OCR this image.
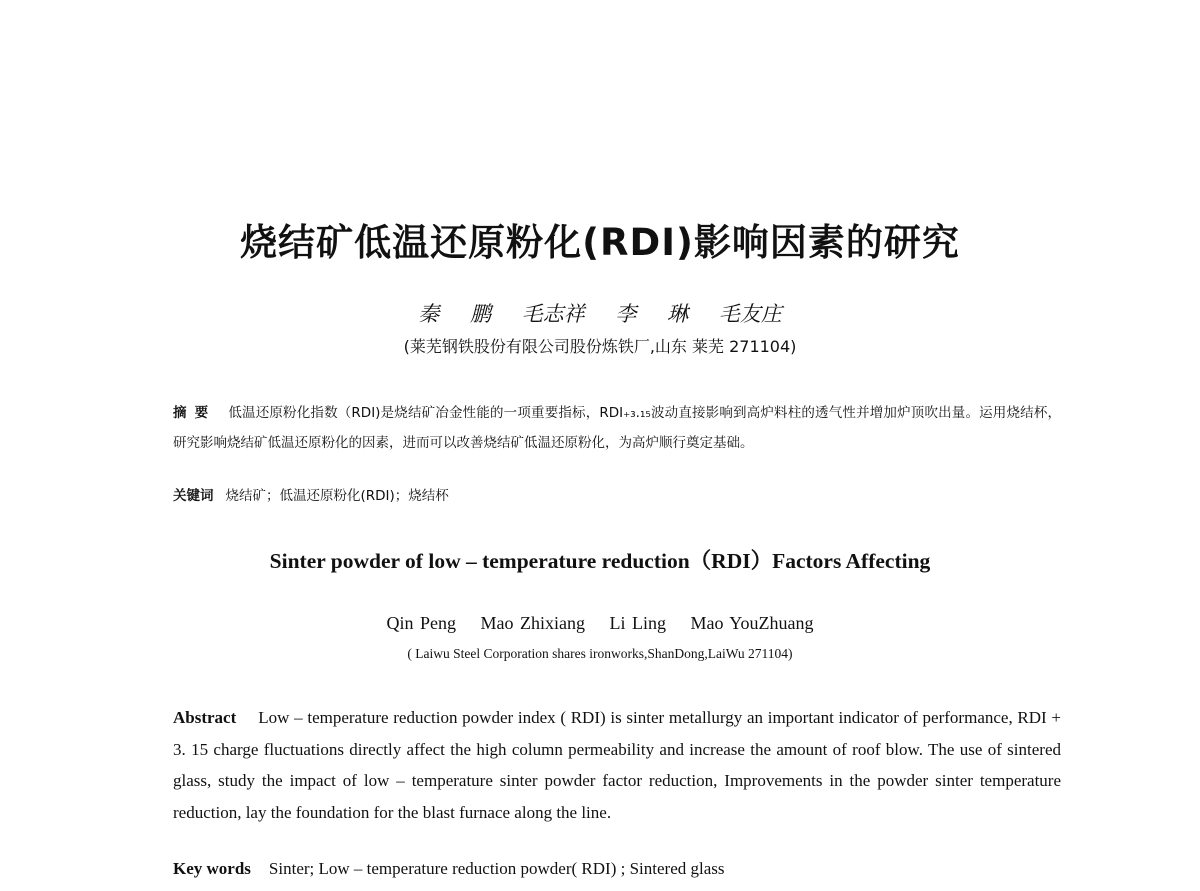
烧结矿低温还原粉化(RDI)影响因素的研究
秦 鹏 毛志祥 李 琳 毛友庄
(莱芜钢铁股份有限公司股份炼铁厂,山东 莱芜 271104)
摘要 低温还原粉化指数（RDI)是烧结矿冶金性能的一项重要指标，RDI₊₃.₁₅波动直接影响到高炉料柱的透气性并增加炉顶吹出量。运用烧结杯，研究影响烧结矿低温还原粉化的因素，进而可以改善烧结矿低温还原粉化，为高炉顺行奠定基础。
关键词 烧结矿；低温还原粉化(RDI)；烧结杯
Sinter powder of low – temperature reduction（RDI）Factors Affecting
Qin Peng Mao Zhixiang Li Ling Mao YouZhuang
( Laiwu Steel Corporation shares ironworks,ShanDong,LaiWu 271104)
Abstract Low – temperature reduction powder index ( RDI) is sinter metallurgy an important indicator of performance, RDI + 3. 15 charge fluctuations directly affect the high column permeability and increase the amount of roof blow. The use of sintered glass, study the impact of low – temperature sinter powder factor reduction, Improvements in the powder sinter temperature reduction, lay the foundation for the blast furnace along the line.
Key words Sinter; Low – temperature reduction powder( RDI) ; Sintered glass
